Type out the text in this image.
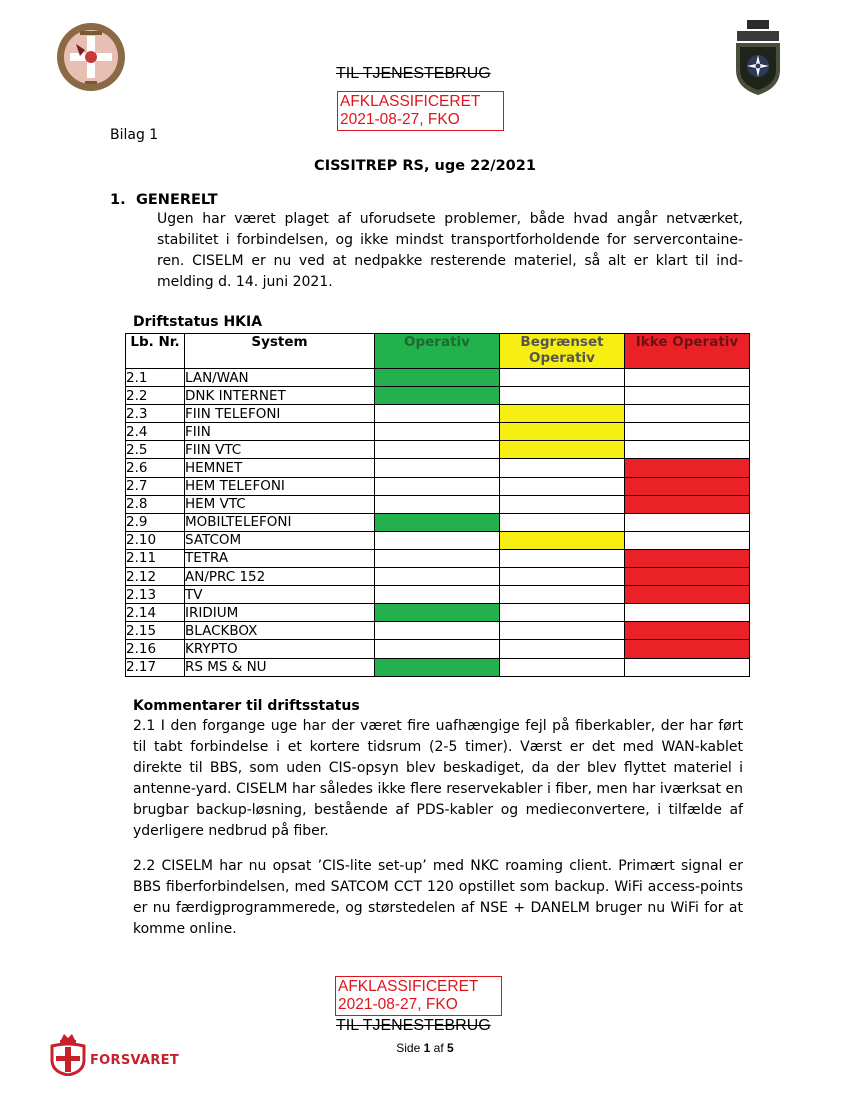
TIL TJENESTEBRUG
AFKLASSIFICERET
2021-08-27, FKO
Bilag 1
CISSITREP RS, uge 22/2021
1. GENERELT
Ugen har været plaget af uforudsete problemer, både hvad angår netværket, stabilitet i forbindelsen, og ikke mindst transportforholdende for servercontaine-ren. CISELM er nu ved at nedpakke resterende materiel, så alt er klart til ind-melding d. 14. juni 2021.
Driftstatus HKIA
Lb. Nr.	System	Operativ	Begrænset Operativ	Ikke Operativ
2.1	LAN/WAN			
2.2	DNK INTERNET			
2.3	FIIN TELEFONI			
2.4	FIIN			
2.5	FIIN VTC			
2.6	HEMNET			
2.7	HEM TELEFONI			
2.8	HEM VTC			
2.9	MOBILTELEFONI			
2.10	SATCOM			
2.11	TETRA			
2.12	AN/PRC 152			
2.13	TV			
2.14	IRIDIUM			
2.15	BLACKBOX			
2.16	KRYPTO			
2.17	RS MS & NU			
Kommentarer til driftsstatus
2.1 I den forgange uge har der været fire uafhængige fejl på fiberkabler, der har ført til tabt forbindelse i et kortere tidsrum (2-5 timer). Værst er det med WAN-kablet direkte til BBS, som uden CIS-opsyn blev beskadiget, da der blev flyttet materiel i antenne-yard. CISELM har således ikke flere reservekabler i fiber, men har iværksat en brugbar backup-løsning, bestående af PDS-kabler og medieconvertere, i tilfælde af yderligere nedbrud på fiber.
2.2 CISELM har nu opsat ’CIS-lite set-up’ med NKC roaming client. Primært signal er BBS fiberforbindelsen, med SATCOM CCT 120 opstillet som backup. WiFi access-points er nu færdigprogrammerede, og størstedelen af NSE + DANELM bruger nu WiFi for at komme online.
AFKLASSIFICERET
2021-08-27, FKO
TIL TJENESTEBRUG
Side 1 af 5
FORSVARET
